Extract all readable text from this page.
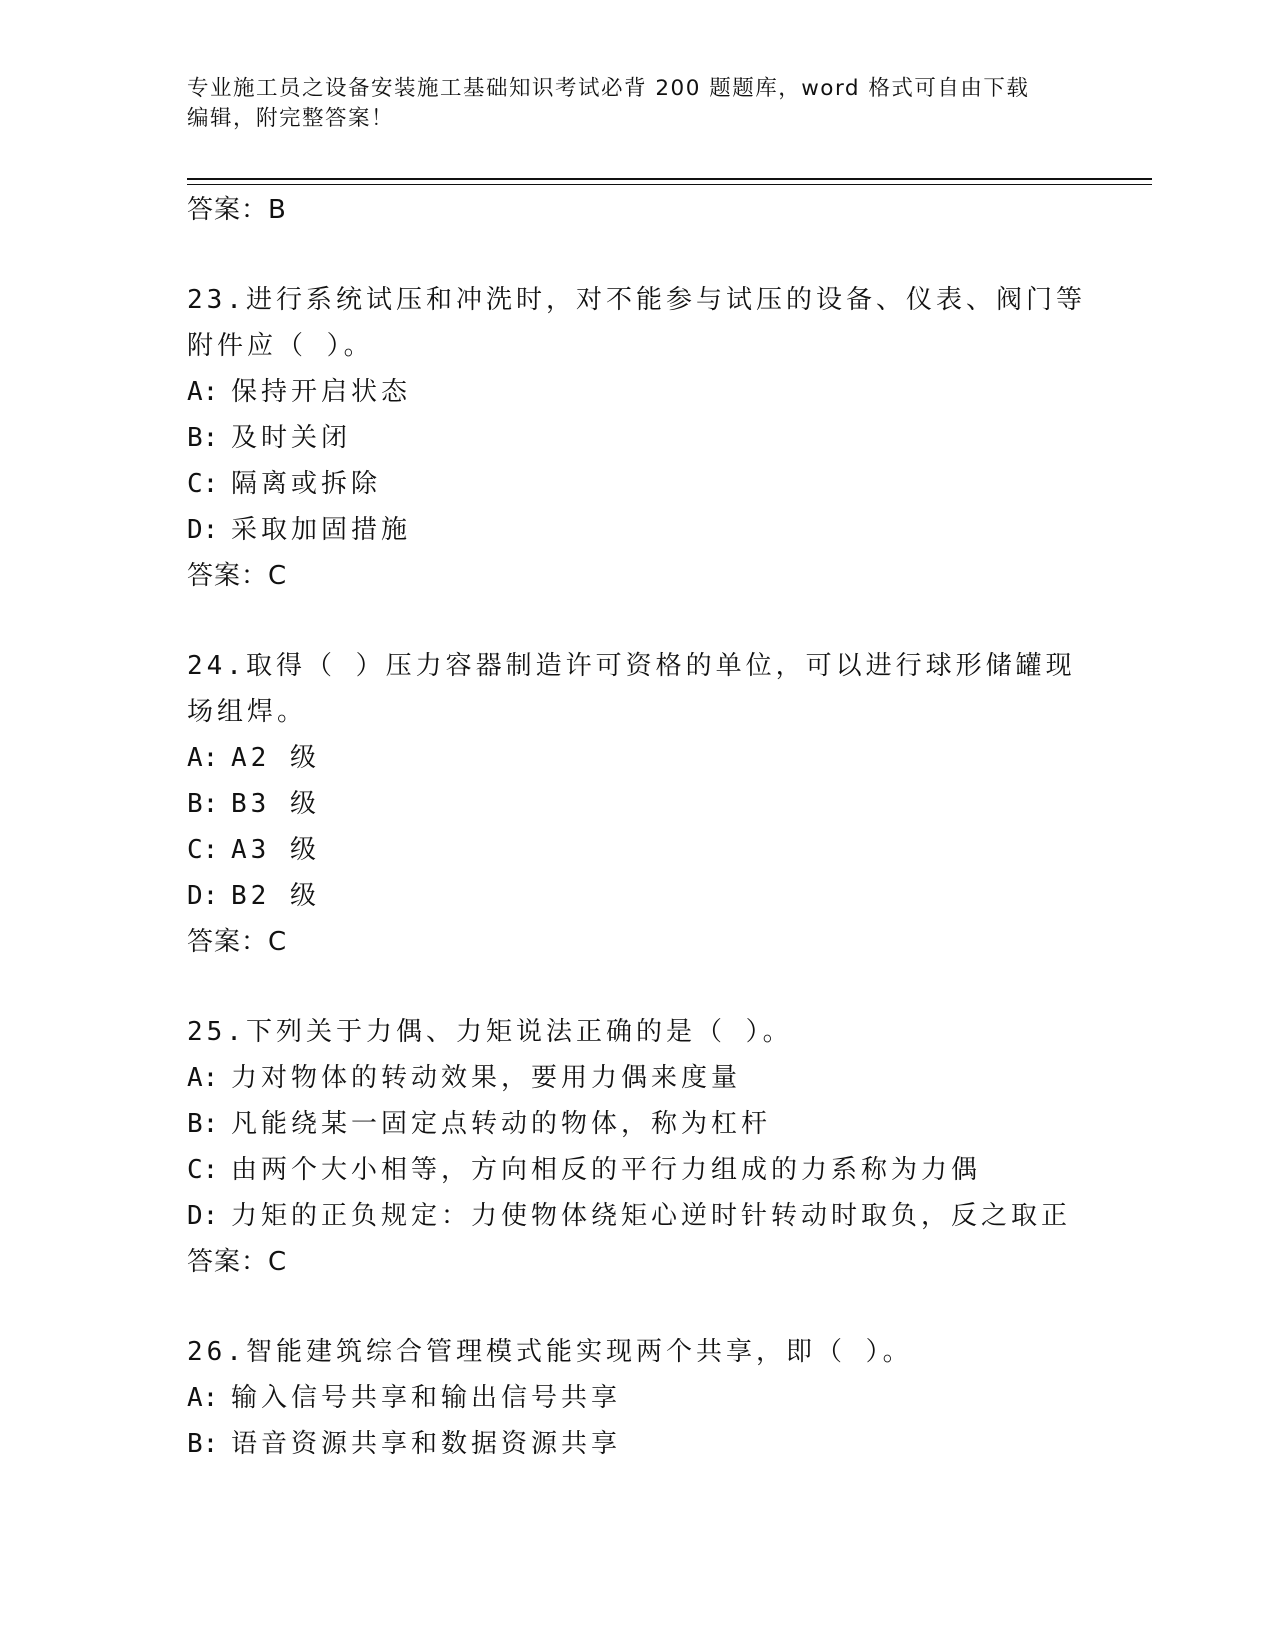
专业施工员之设备安装施工基础知识考试必背 200 题题库，word 格式可自由下载
编辑，附完整答案！
答案：B
23.进行系统试压和冲洗时，对不能参与试压的设备、仪表、阀门等附件应（ ）。
A: 保持开启状态
B: 及时关闭
C: 隔离或拆除
D: 采取加固措施
答案：C
24.取得（ ）压力容器制造许可资格的单位，可以进行球形储罐现场组焊。
A: A2 级
B: B3 级
C: A3 级
D: B2 级
答案：C
25.下列关于力偶、力矩说法正确的是（ ）。
A: 力对物体的转动效果，要用力偶来度量
B: 凡能绕某一固定点转动的物体，称为杠杆
C: 由两个大小相等，方向相反的平行力组成的力系称为力偶
D: 力矩的正负规定：力使物体绕矩心逆时针转动时取负，反之取正
答案：C
26.智能建筑综合管理模式能实现两个共享，即（ ）。
A: 输入信号共享和输出信号共享
B: 语音资源共享和数据资源共享
